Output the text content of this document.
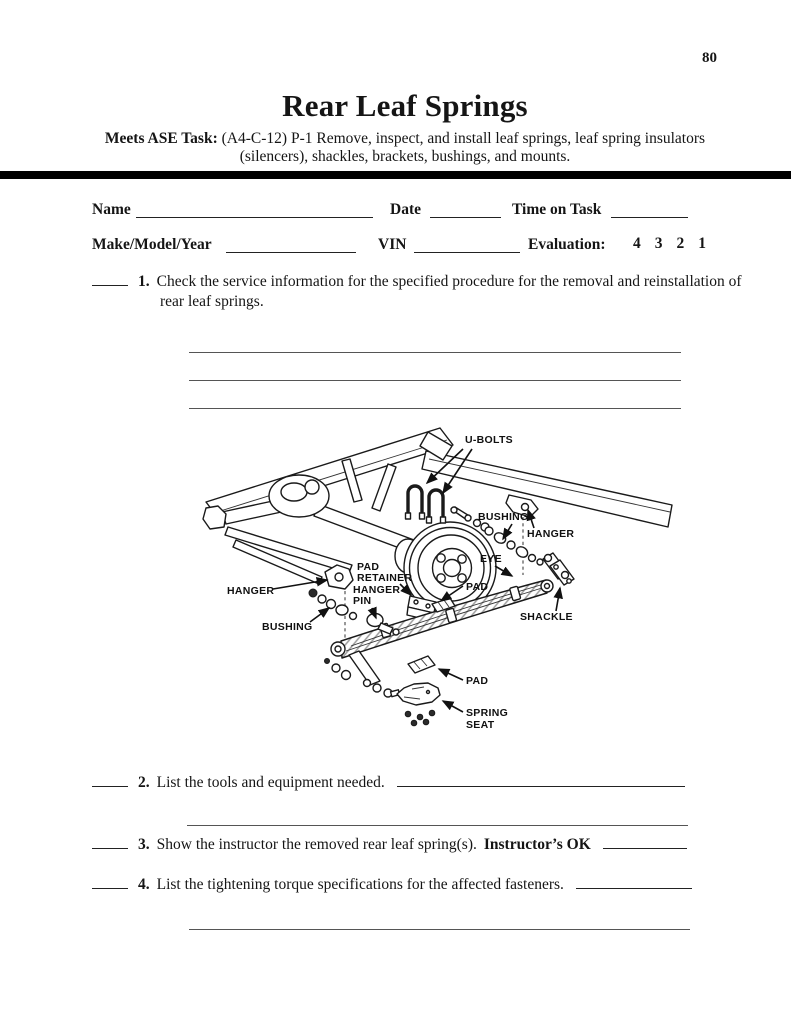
80
Rear Leaf Springs
Meets ASE Task: (A4-C-12) P-1 Remove, inspect, and install leaf springs, leaf spring insulators
(silencers), shackles, brackets, bushings, and mounts.
Name	Date	Time on Task
Make/Model/Year	VIN	Evaluation: 4 3 2 1
1. Check the service information for the specified procedure for the removal and reinstallation of rear leaf springs.
U-BOLTS
BUSHING
HANGER
EYE
PAD
RETAINER
HANGER	HANGER
PIN
PAD
BUSHING
SHACKLE
PAD
SPRING
SEAT
2. List the tools and equipment needed.
3. Show the instructor the removed rear leaf spring(s). Instructor’s OK
4. List the tightening torque specifications for the affected fasteners.
